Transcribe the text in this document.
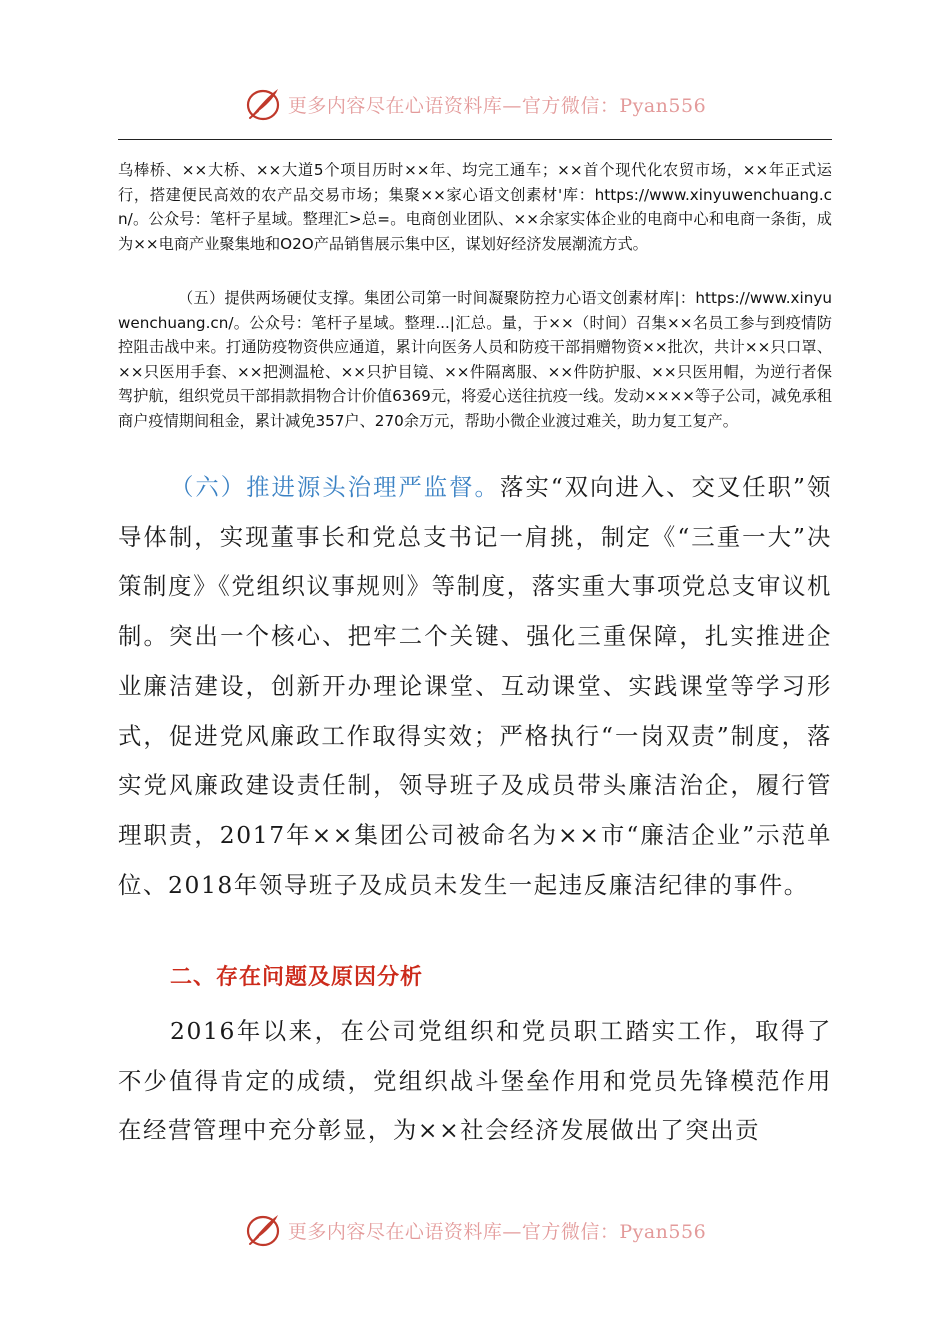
更多内容尽在心语资料库—官方微信：Pyan556

乌棒桥、××大桥、××大道5个项目历时××年、均完工通车；××首个现代化农贸市场，××年正式运行，搭建便民高效的农产品交易市场；集聚××家心语文创素材'库：https://www.xinyuwenchuang.cn/。公众号：笔杆子星域。整理汇>总=。电商创业团队、××余家实体企业的电商中心和电商一条街，成为××电商产业聚集地和O2O产品销售展示集中区，谋划好经济发展潮流方式。

（五）提供两场硬仗支撑。集团公司第一时间凝聚防控力心语文创素材库|：https://www.xinyuwenchuang.cn/。公众号：笔杆子星域。整理...|汇总。量，于××（时间）召集××名员工参与到疫情防控阻击战中来。打通防疫物资供应通道，累计向医务人员和防疫干部捐赠物资××批次，共计××只口罩、××只医用手套、××把测温枪、××只护目镜、××件隔离服、××件防护服、××只医用帽，为逆行者保驾护航，组织党员干部捐款捐物合计价值6369元，将爱心送往抗疫一线。发动××××等子公司，减免承租商户疫情期间租金，累计减免357户、270余万元，帮助小微企业渡过难关，助力复工复产。

（六）推进源头治理严监督。落实“双向进入、交叉任职”领导体制，实现董事长和党总支书记一肩挑，制定《“三重一大”决策制度》《党组织议事规则》等制度，落实重大事项党总支审议机制。突出一个核心、把牢二个关键、强化三重保障，扎实推进企业廉洁建设，创新开办理论课堂、互动课堂、实践课堂等学习形式，促进党风廉政工作取得实效；严格执行“一岗双责”制度，落实党风廉政建设责任制，领导班子及成员带头廉洁治企，履行管理职责，2017年××集团公司被命名为××市“廉洁企业”示范单位、2018年领导班子及成员未发生一起违反廉洁纪律的事件。

二、存在问题及原因分析

2016年以来，在公司党组织和党员职工踏实工作，取得了不少值得肯定的成绩，党组织战斗堡垒作用和党员先锋模范作用在经营管理中充分彰显，为××社会经济发展做出了突出贡

更多内容尽在心语资料库—官方微信：Pyan556
